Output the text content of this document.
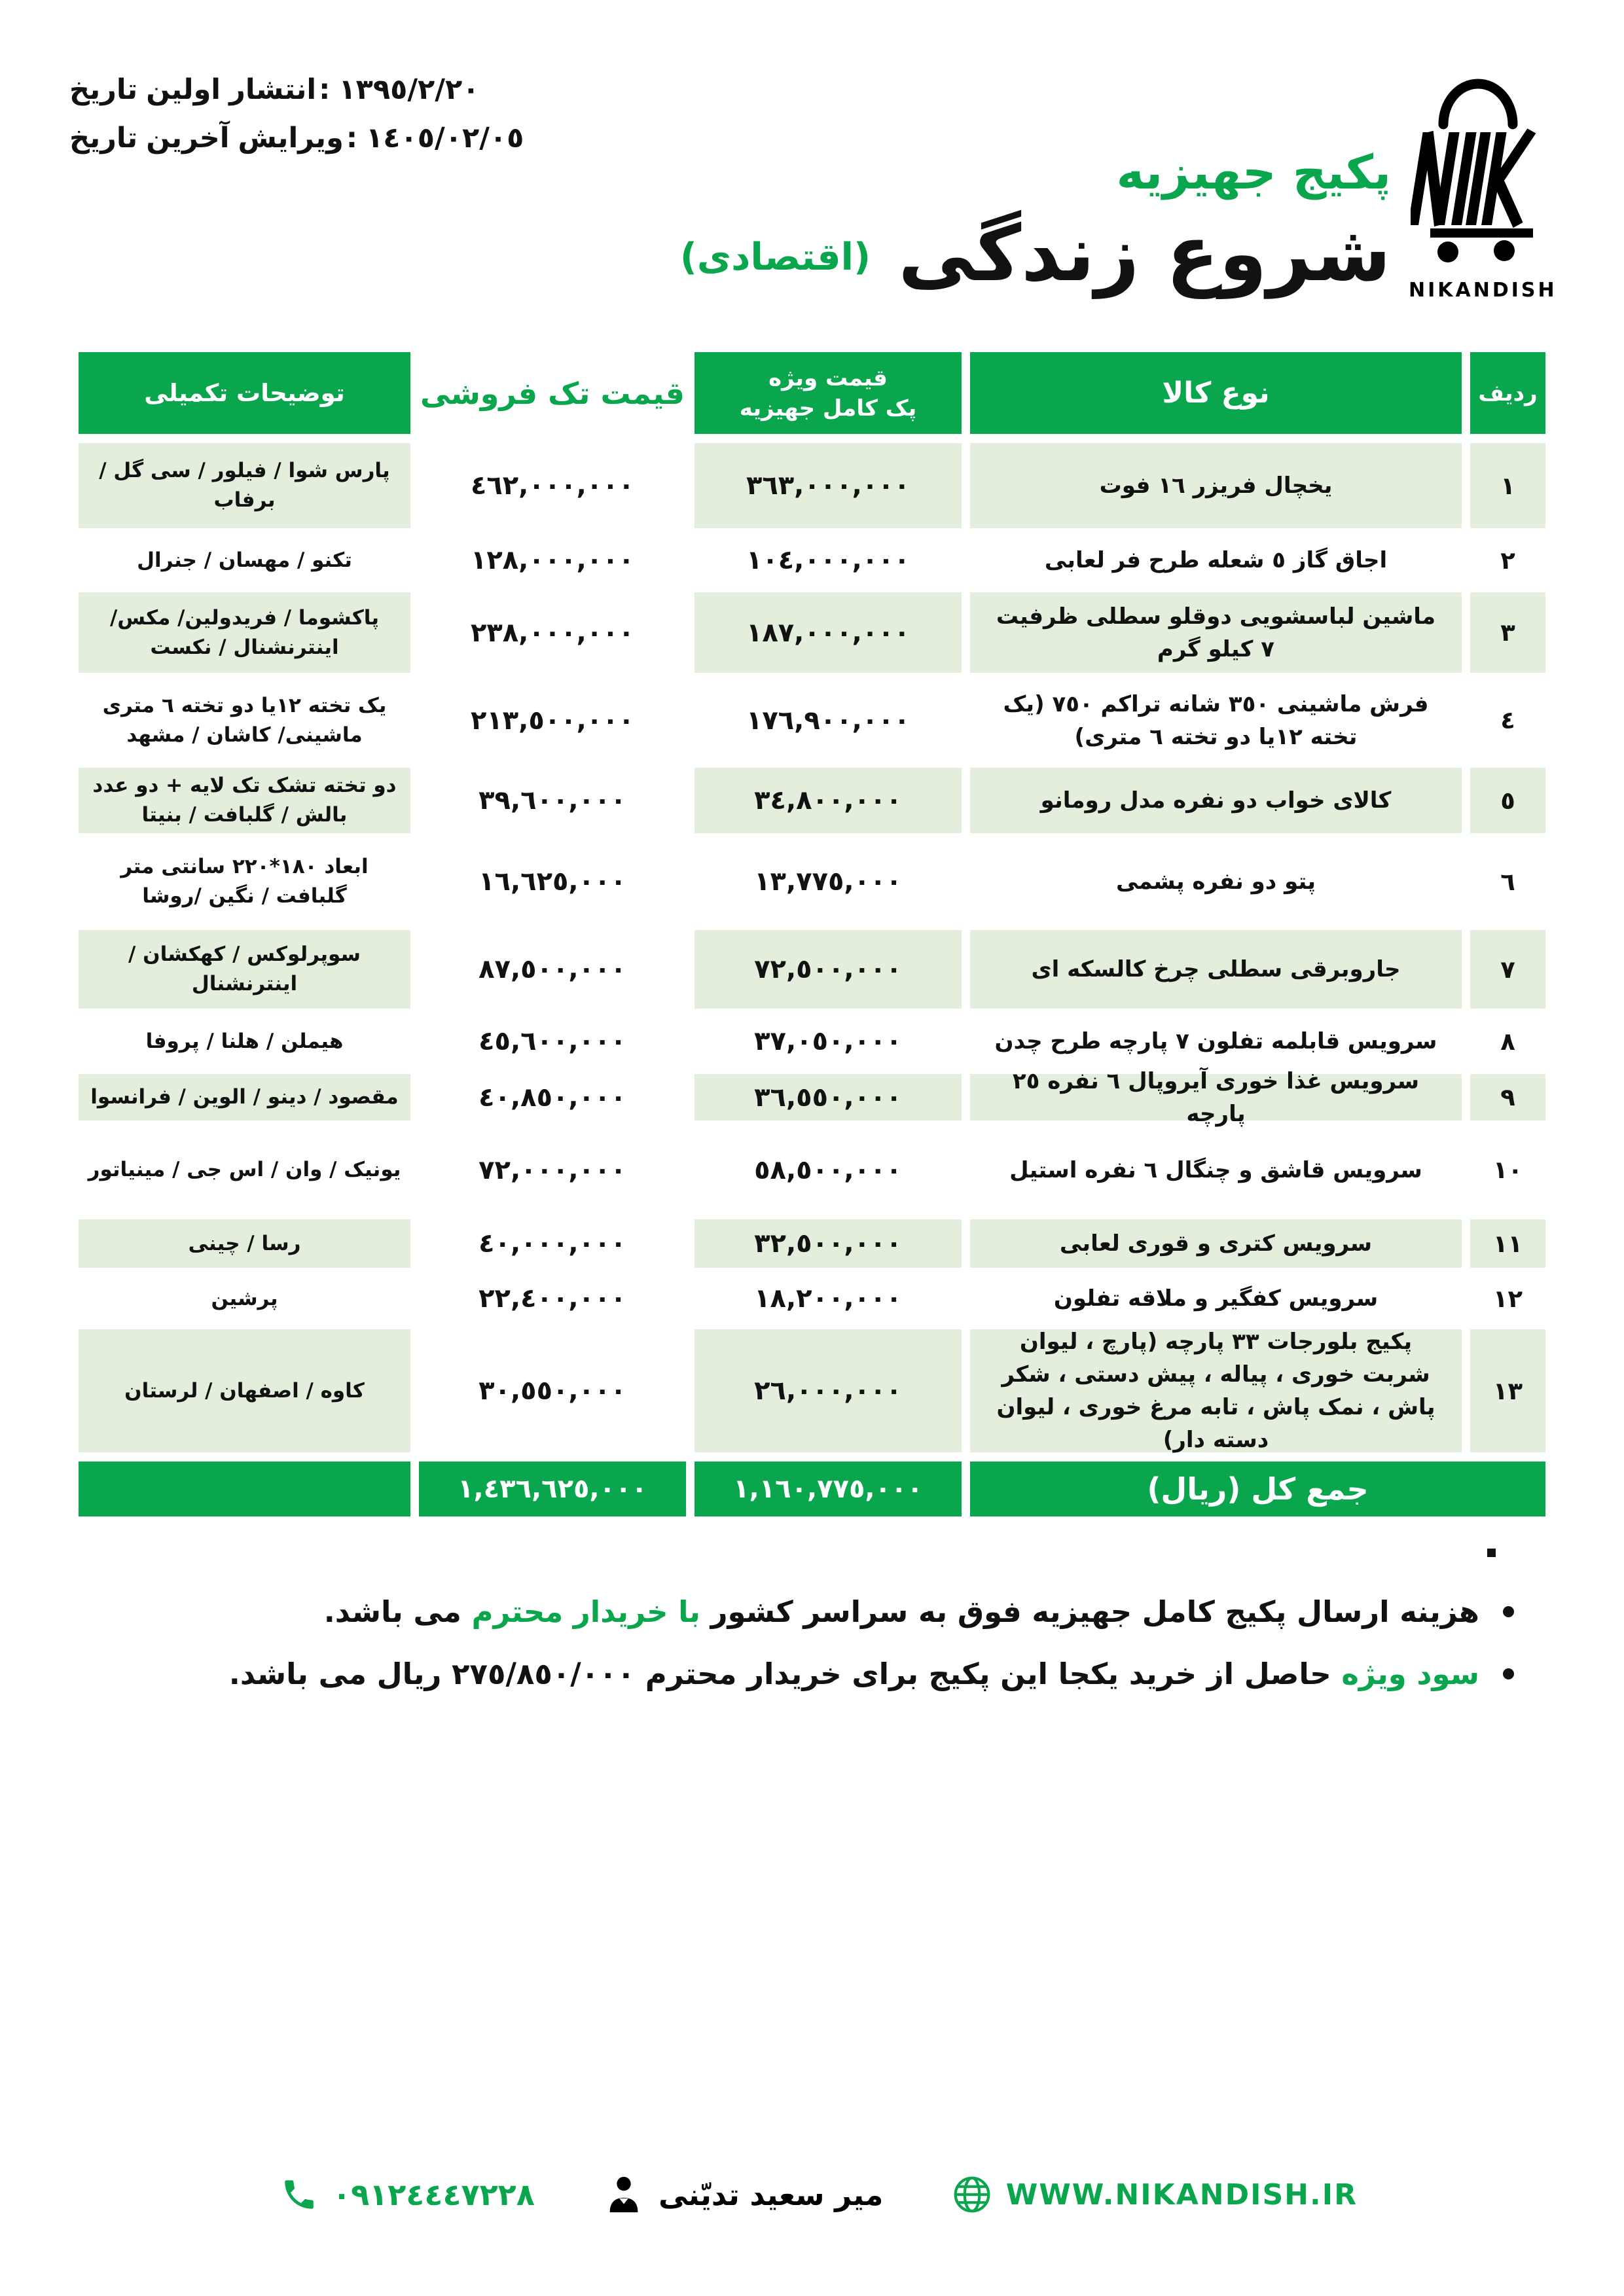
تاریخ اولین انتشار : ١٣٩٥/٢/٢٠
تاریخ آخرین ویرایش : ١٤٠٥/٠٢/٠٥
NIKANDISH
پکیج جهیزیه
شروع زندگی(اقتصادی)
ردیف
نوع کالا
قیمت ویژه
پک کامل جهیزیه
قیمت تک فروشی
توضیحات تکمیلی
١
یخچال فریزر ١٦ فوت
٣٦٣,٠٠٠,٠٠٠
٤٦٢,٠٠٠,٠٠٠
پارس شوا / فیلور / سی گل / برفاب
٢
اجاق گاز ٥ شعله طرح فر لعابی
١٠٤,٠٠٠,٠٠٠
١٢٨,٠٠٠,٠٠٠
تکنو / مهسان / جنرال
٣
ماشین لباسشویی دوقلو سطلی ظرفیت ٧ کیلو گرم
١٨٧,٠٠٠,٠٠٠
٢٣٨,٠٠٠,٠٠٠
پاکشوما / فریدولین/ مکس/ اینترنشنال / نکست
٤
فرش ماشینی ٣٥٠ شانه تراکم ٧٥٠ (یک تخته ١٢یا دو تخته ٦ متری)
١٧٦,٩٠٠,٠٠٠
٢١٣,٥٠٠,٠٠٠
یک تخته ١٢یا دو تخته ٦ متری ماشینی/ کاشان / مشهد
٥
کالای خواب دو نفره مدل رومانو
٣٤,٨٠٠,٠٠٠
٣٩,٦٠٠,٠٠٠
دو تخته تشک تک لایه + دو عدد بالش / گلبافت / بنیتا
٦
پتو دو نفره پشمی
١٣,٧٧٥,٠٠٠
١٦,٦٢٥,٠٠٠
ابعاد ١٨٠*٢٢٠ سانتی متر گلبافت / نگین /روشا
٧
جاروبرقی سطلی چرخ کالسکه ای
٧٢,٥٠٠,٠٠٠
٨٧,٥٠٠,٠٠٠
سوپرلوکس / کهکشان / اینترنشنال
٨
سرویس قابلمه تفلون ٧ پارچه طرح چدن
٣٧,٠٥٠,٠٠٠
٤٥,٦٠٠,٠٠٠
هیملن / هلنا / پروفا
٩
سرویس غذا خوری آیروپال ٦ نفره ٢٥ پارچه
٣٦,٥٥٠,٠٠٠
٤٠,٨٥٠,٠٠٠
مقصود / دینو / الوین / فرانسوا
١٠
سرویس قاشق و چنگال ٦ نفره استیل
٥٨,٥٠٠,٠٠٠
٧٢,٠٠٠,٠٠٠
یونیک / وان / اس جی / مینیاتور
١١
سرویس کتری و قوری لعابی
٣٢,٥٠٠,٠٠٠
٤٠,٠٠٠,٠٠٠
رسا / چینی
١٢
سرویس کفگیر و ملاقه تفلون
١٨,٢٠٠,٠٠٠
٢٢,٤٠٠,٠٠٠
پرشین
١٣
پکیج بلورجات ٣٣ پارچه (پارچ ، لیوان شربت خوری ، پیاله ، پیش دستی ، شکر پاش ، نمک پاش ، تابه مرغ خوری ، لیوان دسته دار)
٢٦,٠٠٠,٠٠٠
٣٠,٥٥٠,٠٠٠
کاوه / اصفهان / لرستان
جمع کل (ریال)
١,١٦٠,٧٧٥,٠٠٠
١,٤٣٦,٦٢٥,٠٠٠
هزینه ارسال پکیج کامل جهیزیه فوق به سراسر کشور با خریدار محترم می باشد.
سود ویژه حاصل از خرید یکجا این پکیج برای خریدار محترم ٢٧٥/٨٥٠/٠٠٠ ریال می باشد.
٠٩١٢٤٤٤٧٢٢٨	میر سعید تدیّنی	WWW.NIKANDISH.IR
